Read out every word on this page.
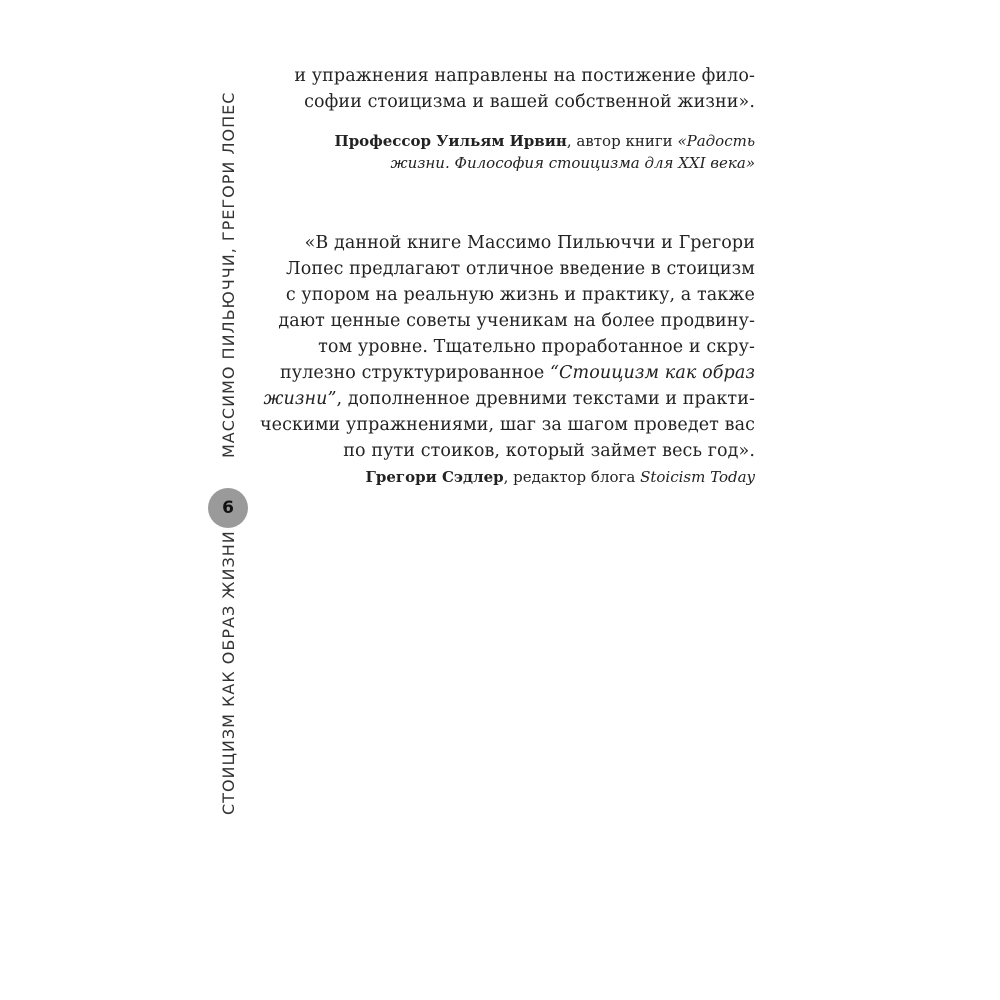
МАССИМО ПИЛЬЮЧЧИ, ГРЕГОРИ ЛОПЕС
СТОИЦИЗМ КАК ОБРАЗ ЖИЗНИ
6
и упражнения направлены на постижение фило-
софии стоицизма и вашей собственной жизни».
Профессор Уильям Ирвин, автор книги «Радость
жизни. Философия стоицизма для XXI века»
«В данной книге Массимо Пильюччи и Грегори
Лопес предлагают отличное введение в стоицизм
с упором на реальную жизнь и практику, а также
дают ценные советы ученикам на более продвину-
том уровне. Тщательно проработанное и скру-
пулезно структурированное “Стоицизм как образ
жизни”, дополненное древними текстами и практи-
ческими упражнениями, шаг за шагом проведет вас
по пути стоиков, который займет весь год».
Грегори Сэдлер, редактор блога Stoicism Today
